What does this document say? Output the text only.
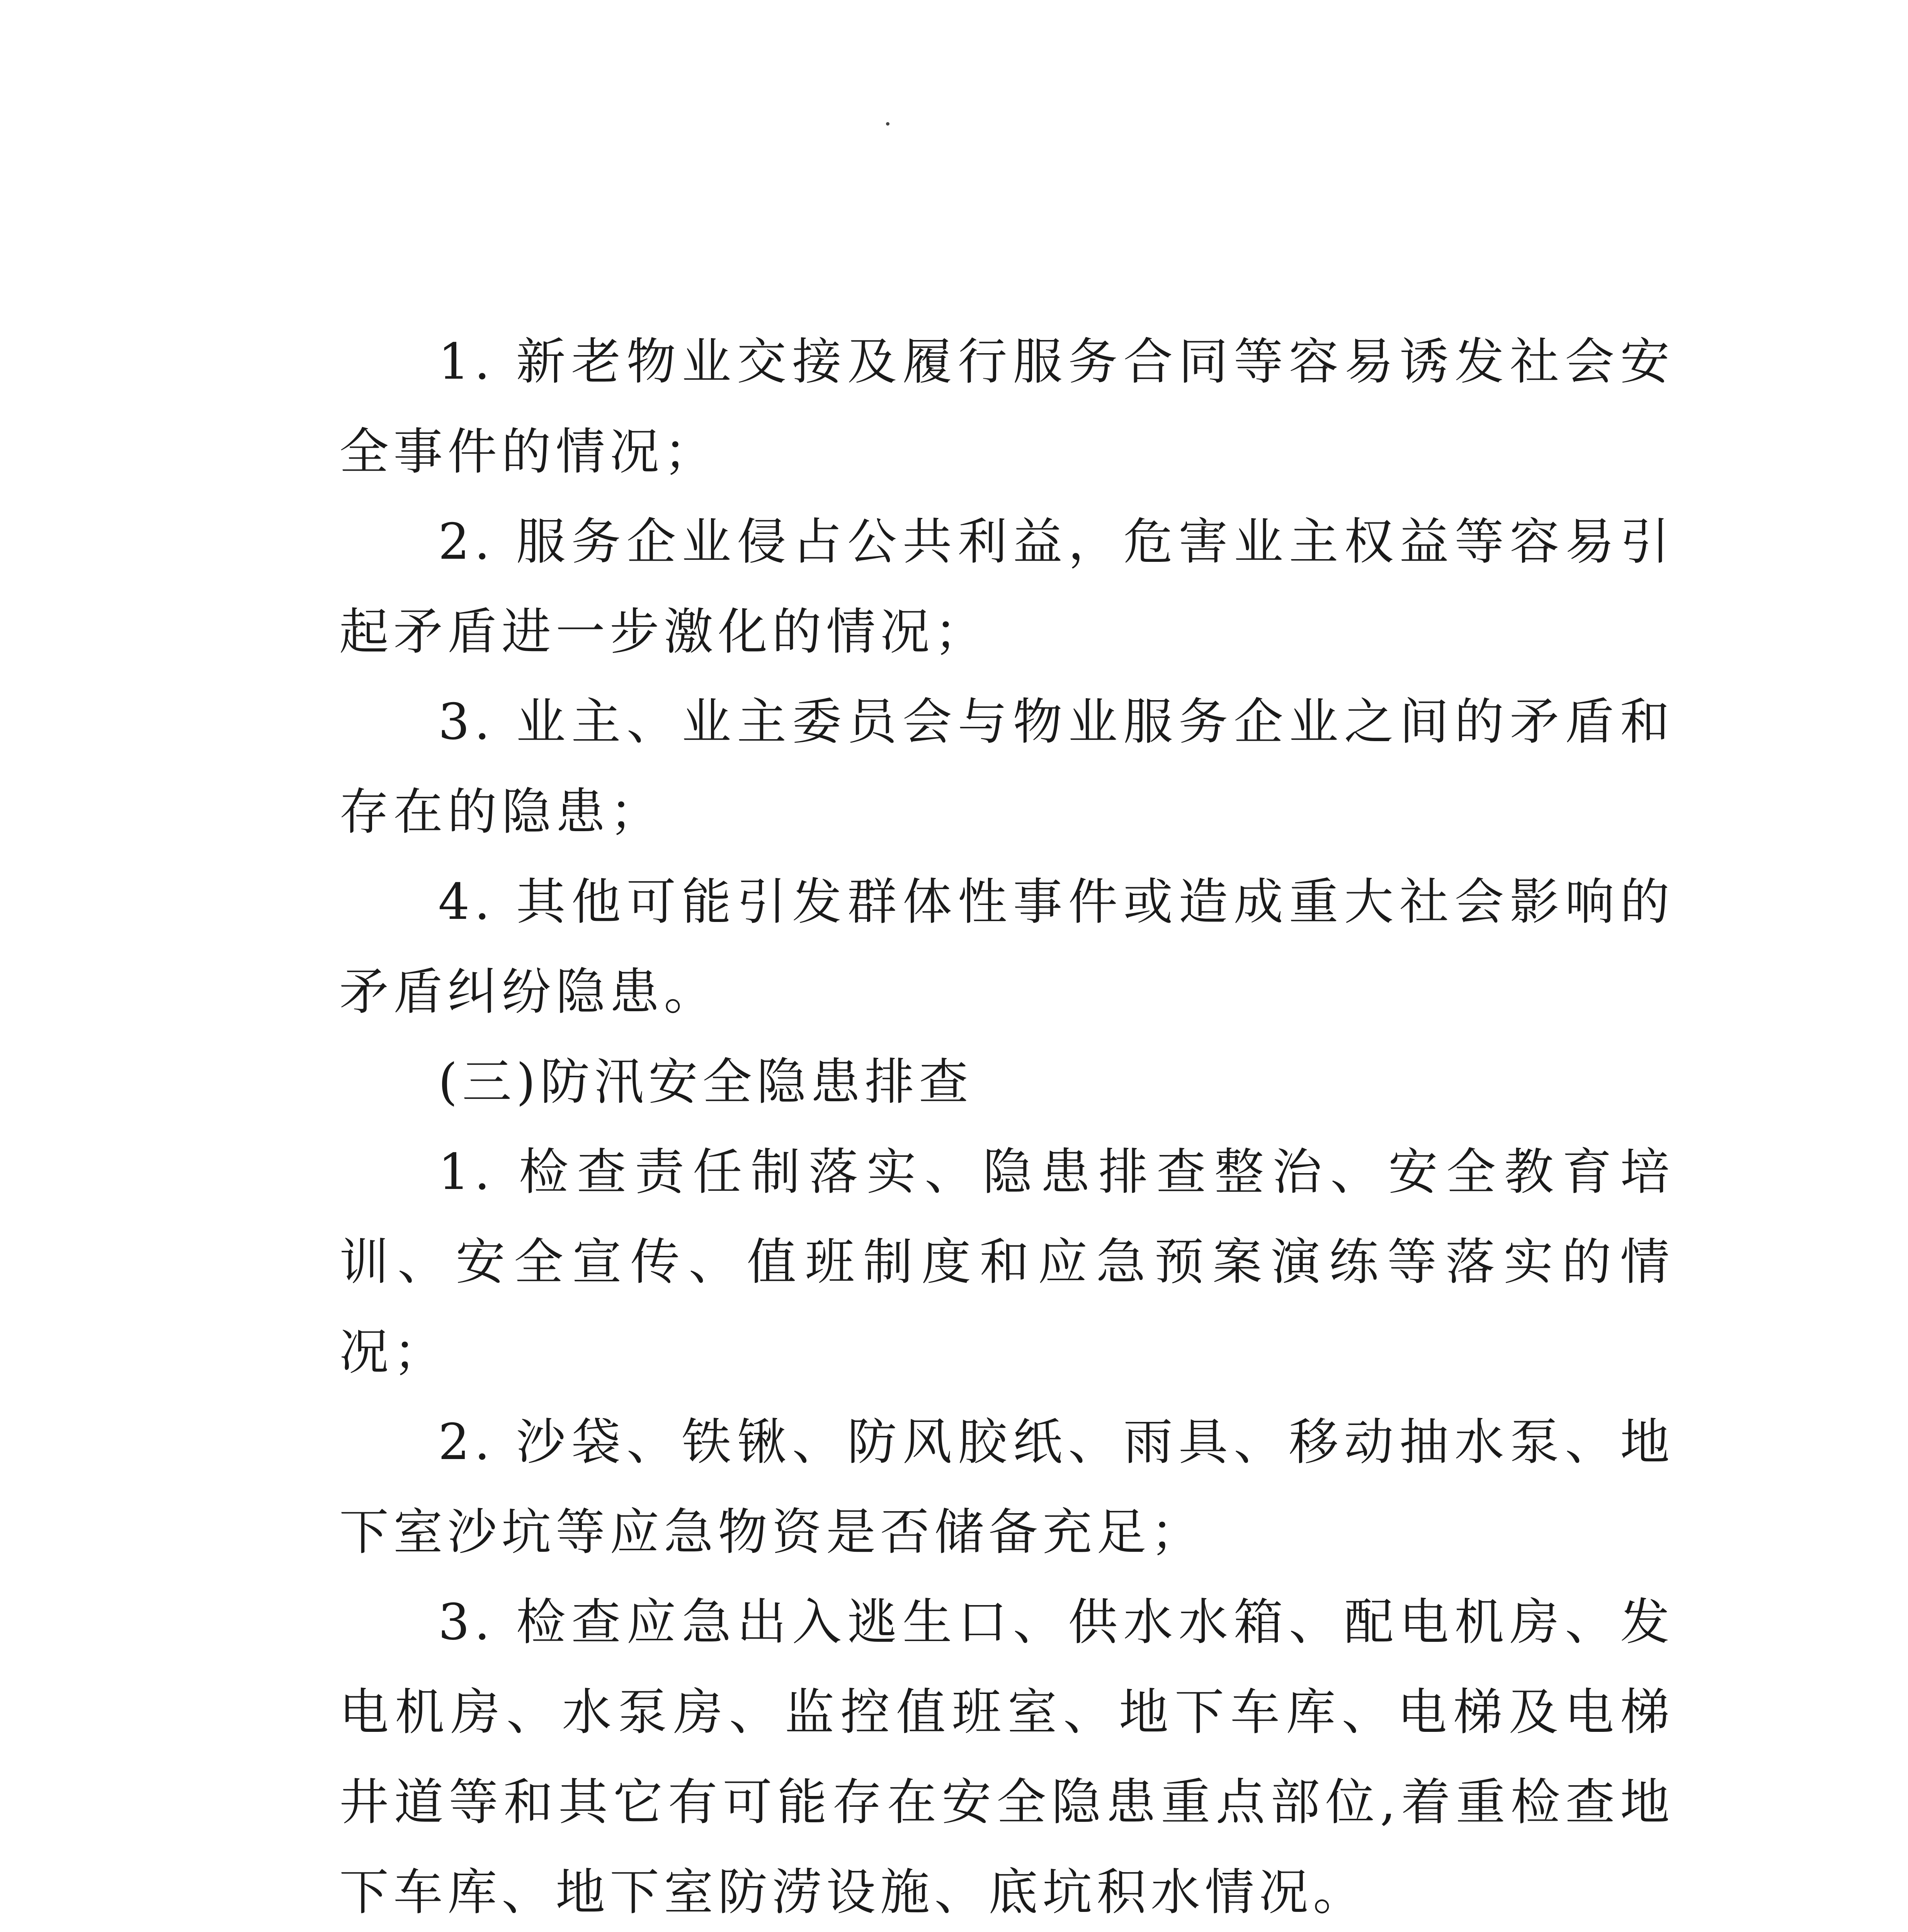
1. 新老物业交接及履行服务合同等容易诱发社会安全事件的情况；

2. 服务企业侵占公共利益，危害业主权益等容易引起矛盾进一步激化的情况；

3. 业主、业主委员会与物业服务企业之间的矛盾和存在的隐患；

4. 其他可能引发群体性事件或造成重大社会影响的矛盾纠纷隐患。

(三)防汛安全隐患排查

1. 检查责任制落实、隐患排查整治、安全教育培训、安全宣传、值班制度和应急预案演练等落实的情况；

2. 沙袋、铁锹、防风胶纸、雨具、移动抽水泵、地下室沙坑等应急物资是否储备充足；

3. 检查应急出入逃生口、供水水箱、配电机房、发电机房、水泵房、监控值班室、地下车库、电梯及电梯井道等和其它有可能存在安全隐患重点部位,着重检查地下车库、地下室防涝设施、底坑积水情况。
